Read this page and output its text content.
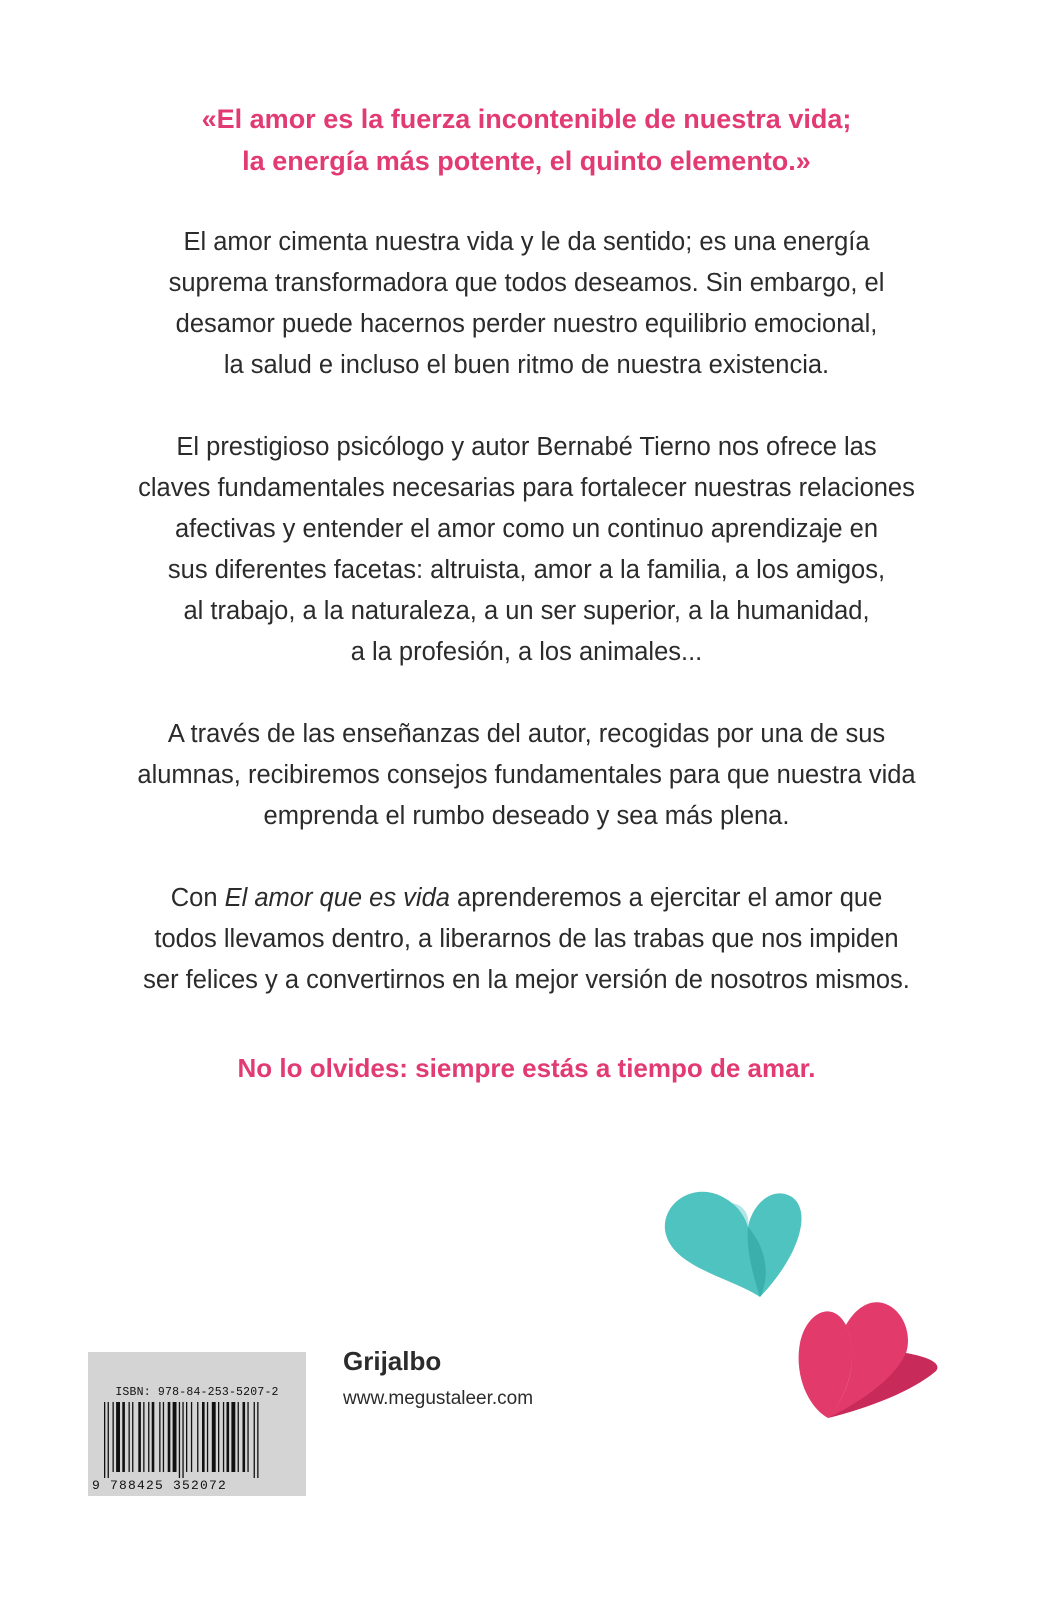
«El amor es la fuerza incontenible de nuestra vida;
la energía más potente, el quinto elemento.»

El amor cimenta nuestra vida y le da sentido; es una energía
suprema transformadora que todos deseamos. Sin embargo, el
desamor puede hacernos perder nuestro equilibrio emocional,
la salud e incluso el buen ritmo de nuestra existencia.

El prestigioso psicólogo y autor Bernabé Tierno nos ofrece las
claves fundamentales necesarias para fortalecer nuestras relaciones
afectivas y entender el amor como un continuo aprendizaje en
sus diferentes facetas: altruista, amor a la familia, a los amigos,
al trabajo, a la naturaleza, a un ser superior, a la humanidad,
a la profesión, a los animales...

A través de las enseñanzas del autor, recogidas por una de sus
alumnas, recibiremos consejos fundamentales para que nuestra vida
emprenda el rumbo deseado y sea más plena.

Con El amor que es vida aprenderemos a ejercitar el amor que
todos llevamos dentro, a liberarnos de las trabas que nos impiden
ser felices y a convertirnos en la mejor versión de nosotros mismos.

No lo olvides: siempre estás a tiempo de amar.
ISBN: 978-84-253-5207-2
9 788425 352072
Grijalbo
www.megustaleer.com
